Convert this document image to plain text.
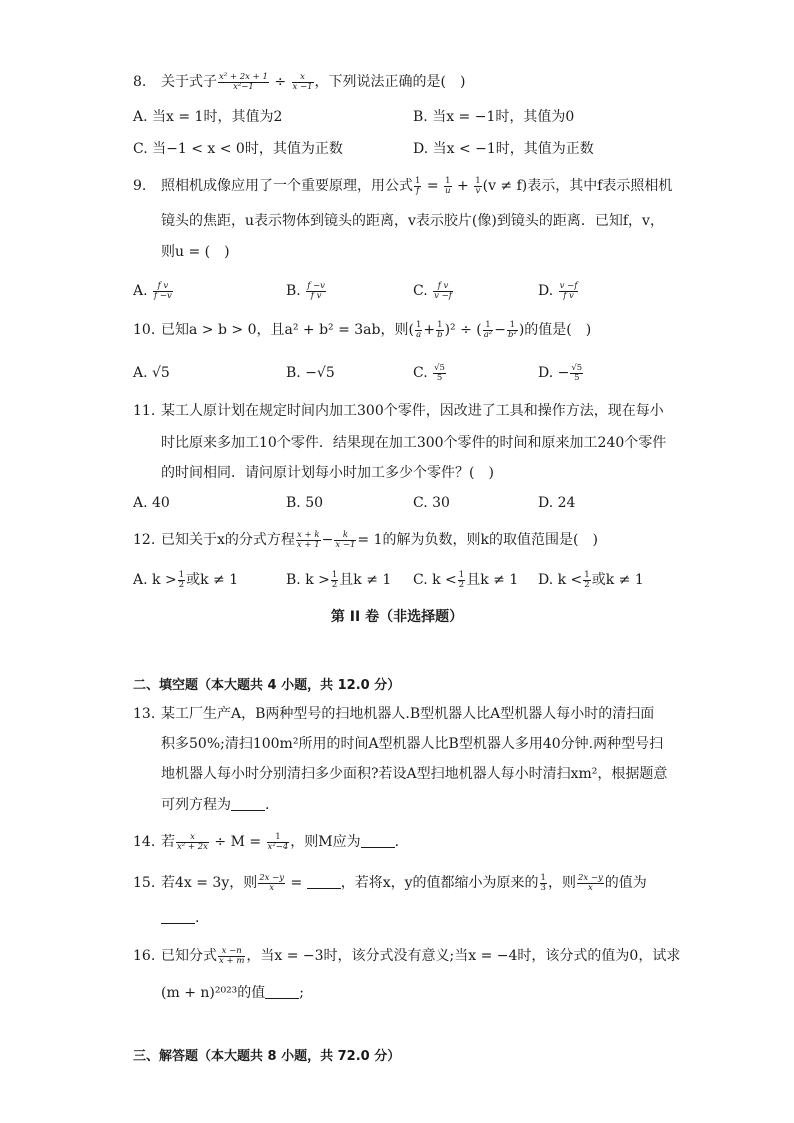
8. 关于式子 $\frac{\text{x² + 2x + 1}}{\text{x²−1}} \div \frac{x}{x -1}$ ，下列说法正确的是(　)
A. 当x = 1时，其值为2	B. 当x = −1时，其值为0
C. 当−1 < x < 0时，其值为正数	D. 当x < −1时，其值为正数
9. 照相机成像应用了一个重要原理，用公式 $\frac{1}{f} = \frac{1}{u} + \frac{1}{v} (v \ne f)$表示，其中f表示照相机
镜头的焦距，u表示物体到镜头的距离，v表示胶片(像)到镜头的距离．已知f，v，
则u = (　)
A. $\frac{\text{f v}}{f -v}$	B. $\frac{f -v}{\text{f v}}$	C. $\frac{\text{f v}}{v -f}$	D. $\frac{v -f}{\text{f v}}$
10. 已知a > b > 0，且a² + b² = 3ab，则( $\frac{1}{a} + \frac{1}{b} )^2$ ÷ ( $\frac{1}{\text{a²}} - \frac{1}{\text{b²}}$ )的值是(　)
A. √5	B. −√5	C. $\frac{√5}{5}$	D. − $\frac{√5}{5}$
11. 某工人原计划在规定时间内加工300个零件，因改进了工具和操作方法，现在每小
时比原来多加工10个零件．结果现在加工300个零件的时间和原来加工240个零件
的时间相同．请问原计划每小时加工多少个零件？(　)
A. 40	B. 50	C. 30	D. 24
12. 已知关于x的分式方程 $\frac{x + k}{x + 1} - \frac{k}{x -1} = 1$的解为负数，则k的取值范围是(　)
A. $k > \frac{1}{2}$ 或k ≠ 1	B. $k > \frac{1}{2}$ 且k ≠ 1 C. $k < \frac{1}{2}$ 且k ≠ 1 D. $k < \frac{1}{2}$ 或k ≠ 1
第 II 卷（非选择题）
二、填空题（本大题共 4 小题，共 12.0 分）
13. 某工厂生产A，B两种型号的扫地机器人.B型机器人比A型机器人每小时的清扫面
积多50%;清扫100m²所用的时间A型机器人比B型机器人多用40分钟.两种型号扫
地机器人每小时分别清扫多少面积?若设A型扫地机器人每小时清扫xm²，根据题意
可列方程为 .
14. 若 $\frac{x}{\text{x² + 2x}} \div M = \frac{1}{\text{x²−4}}$ ，则M应为 .
15. 若4x = 3y，则 $\frac{2x -y}{x}$ =	，若将x，y的值都缩小为原来的 $\frac{1}{3}$ ，则 $\frac{2x -y}{x}$ 的值为
.
16. 已知分式 $\frac{x -n}{x + m}$ ，当x = −3时，该分式没有意义;当x = −4时，该分式的值为0，试求
(m + n)²⁰²³的值 ;
三、解答题（本大题共 8 小题，共 72.0 分）
